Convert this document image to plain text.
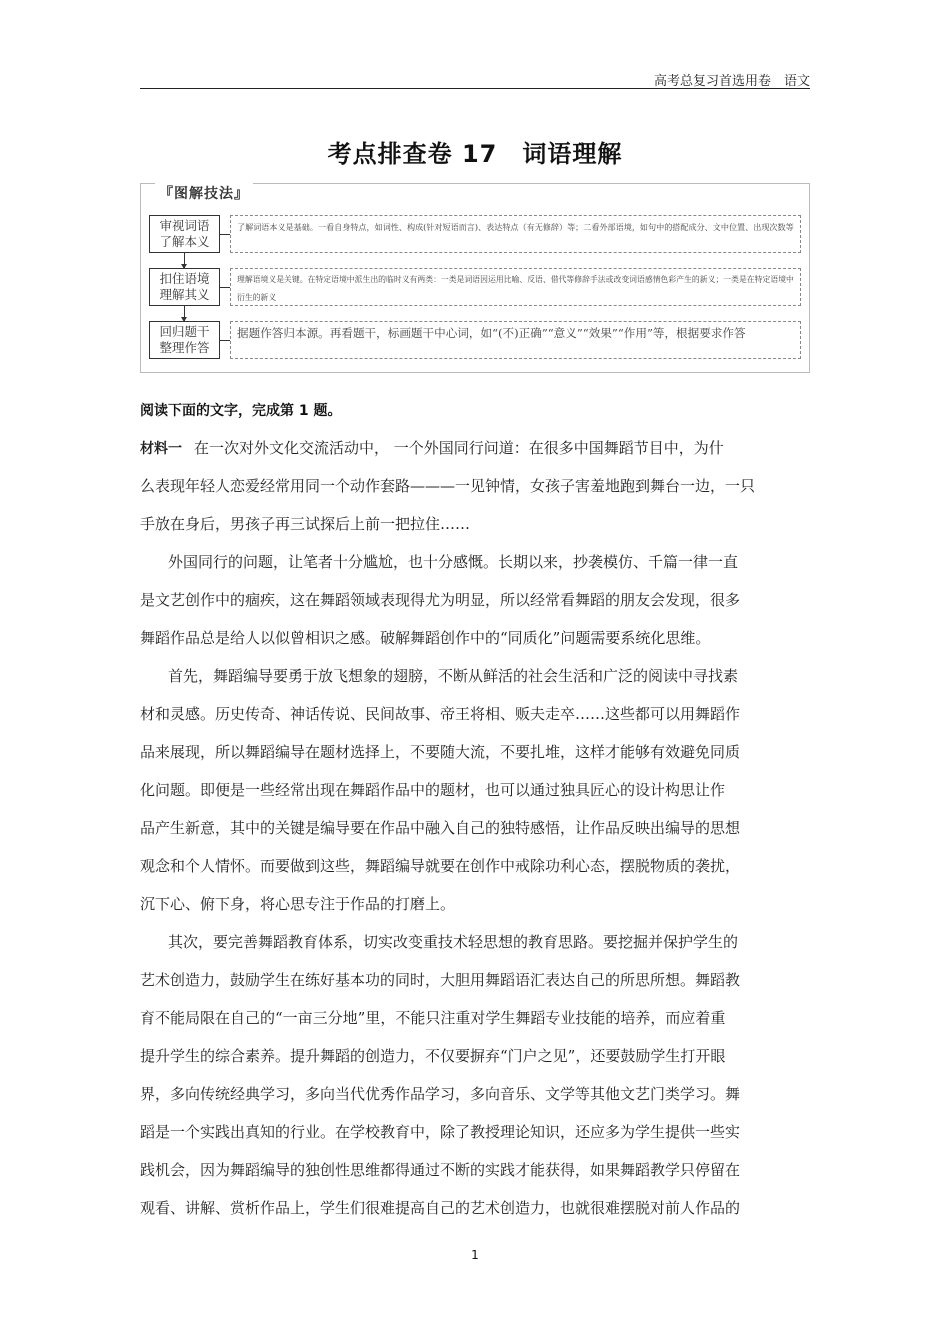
高考总复习首选用卷　语文
考点排查卷 17　词语理解
『图解技法』
审视词语
了解本义
了解词语本义是基础。一看自身特点，如词性、构成(针对短语而言)、表达特点（有无修辞）等；二看外部语境，如句中的搭配成分、文中位置、出现次数等
扣住语境
理解其义
理解语境义是关键。在特定语境中派生出的临时义有两类：一类是词语因运用比喻、反语、借代等修辞手法或改变词语感情色彩产生的新义；一类是在特定语境中衍生的新义
回归题干
整理作答
据题作答归本源。再看题干，标画题干中心词，如“(不)正确”“意义”“效果”“作用”等，根据要求作答
阅读下面的文字，完成第 1 题。
材料一 在一次对外文化交流活动中， 一个外国同行问道：在很多中国舞蹈节目中，为什
么表现年轻人恋爱经常用同一个动作套路———一见钟情，女孩子害羞地跑到舞台一边，一只
手放在身后，男孩子再三试探后上前一把拉住……
外国同行的问题，让笔者十分尴尬，也十分感慨。长期以来，抄袭模仿、千篇一律一直
是文艺创作中的痼疾，这在舞蹈领域表现得尤为明显，所以经常看舞蹈的朋友会发现，很多
舞蹈作品总是给人以似曾相识之感。破解舞蹈创作中的“同质化”问题需要系统化思维。
首先，舞蹈编导要勇于放飞想象的翅膀，不断从鲜活的社会生活和广泛的阅读中寻找素
材和灵感。历史传奇、神话传说、民间故事、帝王将相、贩夫走卒……这些都可以用舞蹈作
品来展现，所以舞蹈编导在题材选择上，不要随大流，不要扎堆，这样才能够有效避免同质
化问题。即便是一些经常出现在舞蹈作品中的题材，也可以通过独具匠心的设计构思让作
品产生新意，其中的关键是编导要在作品中融入自己的独特感悟，让作品反映出编导的思想
观念和个人情怀。而要做到这些，舞蹈编导就要在创作中戒除功利心态，摆脱物质的袭扰，
沉下心、俯下身，将心思专注于作品的打磨上。
其次，要完善舞蹈教育体系，切实改变重技术轻思想的教育思路。要挖掘并保护学生的
艺术创造力，鼓励学生在练好基本功的同时，大胆用舞蹈语汇表达自己的所思所想。舞蹈教
育不能局限在自己的“一亩三分地”里，不能只注重对学生舞蹈专业技能的培养，而应着重
提升学生的综合素养。提升舞蹈的创造力，不仅要摒弃“门户之见”，还要鼓励学生打开眼
界，多向传统经典学习，多向当代优秀作品学习，多向音乐、文学等其他文艺门类学习。舞
蹈是一个实践出真知的行业。在学校教育中，除了教授理论知识，还应多为学生提供一些实
践机会，因为舞蹈编导的独创性思维都得通过不断的实践才能获得，如果舞蹈教学只停留在
观看、讲解、赏析作品上，学生们很难提高自己的艺术创造力，也就很难摆脱对前人作品的
1
